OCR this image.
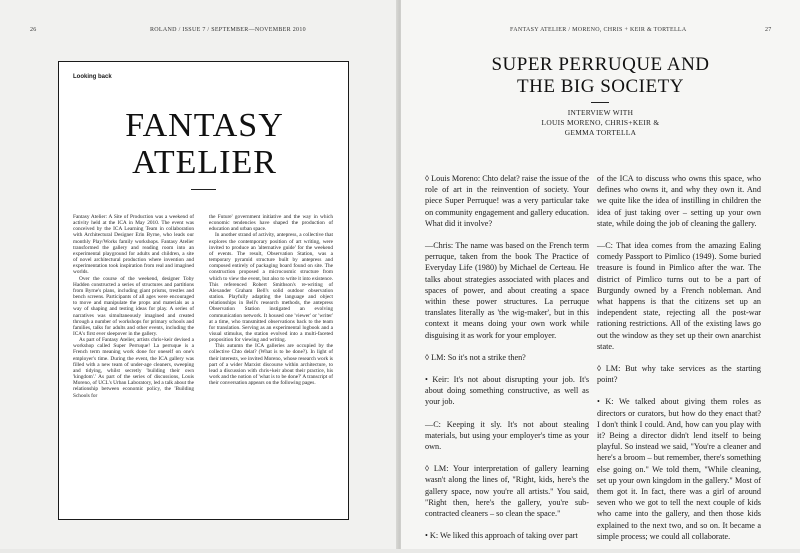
26	ROLAND / ISSUE 7 / SEPTEMBER—NOVEMBER 2010
Looking back
FANTASY
ATELIER

Fantasy Atelier: A Site of Production was a weekend of activity held at the ICA in May 2010. The event was conceived by the ICA Learning Team in collaboration with Architectural Designer Erin Byrne, who leads our monthly Play/Works family workshops. Fantasy Atelier transformed the gallery and reading room into an experimental playground for adults and children, a site of novel architectural production where invention and experimentation took inspiration from real and imagined worlds.

Over the course of the weekend, designer Toby Hadden constructed a series of structures and partitions from Byrne's plans, including giant prisms, trestles and bench screens. Participants of all ages were encouraged to move and manipulate the props and materials as a way of shaping and testing ideas for play. A series of narratives was simultaneously imagined and created through a number of workshops for primary schools and families, talks for adults and other events, including the ICA's first ever sleepover in the gallery.

As part of Fantasy Atelier, artists chris+keir devised a workshop called Super Perruque! La perruque is a French term meaning work done for oneself on one's employer's time. During the event, the ICA gallery was filled with a new team of under-age cleaners, sweeping and tidying, whilst secretly 'building their own 'kingdom'.' As part of the series of discussions, Louis Moreno, of UCL's Urban Laboratory, led a talk about the relationship between economic policy, the 'Building Schools for

the Future' government initiative and the way in which economic tendencies have shaped the production of education and urban space.

In another strand of activity, antepress, a collective that explores the contemporary position of art writing, were invited to produce an 'alternative guide' for the weekend of events. The result, Observation Station, was a temporary pyramid structure built by antepress and composed entirely of packaging board found on site. The construction proposed a microcosmic structure from which to view the event, but also to write it into existence. This referenced Robert Smithson's re-writing of Alexander Graham Bell's solid outdoor observation station. Playfully adapting the language and object relationships in Bell's research methods, the antepress Observation Station instigated an evolving communication network. It housed one 'viewer' or 'writer' at a time, who transmitted observations back to the team for translation. Serving as an experimental logbook and a visual stimulus, the station evolved into a multi-faceted proposition for viewing and writing.

This autumn the ICA galleries are occupied by the collective Chto delat? (What is to be done?). In light of their interests, we invited Moreno, whose research work is part of a wider Marxist discourse within architecture, to lead a discussion with chris+keir about their practice, his work and the notion of 'what is to be done?' A transcript of their conversation appears on the following pages.

FANTASY ATELIER / MORENO, CHRIS + KEIR & TORTELLA	27
SUPER PERRUQUE AND
THE BIG SOCIETY
INTERVIEW WITH
LOUIS MORENO, CHRIS+KEIR &
GEMMA TORTELLA

◊ Louis Moreno: Chto delat? raise the issue of the role of art in the reinvention of society. Your piece Super Perruque! was a very particular take on community engagement and gallery education. What did it involve?

—Chris: The name was based on the French term perruque, taken from the book The Practice of Everyday Life (1980) by Michael de Certeau. He talks about strategies associated with places and spaces of power, and about creating a space within these power structures. La perruque translates literally as 'the wig-maker', but in this context it means doing your own work while disguising it as work for your employer.

◊ LM: So it's not a strike then?

• Keir: It's not about disrupting your job. It's about doing something constructive, as well as your job.

—C: Keeping it sly. It's not about stealing materials, but using your employer's time as your own.

◊ LM: Your interpretation of gallery learning wasn't along the lines of, "Right, kids, here's the gallery space, now you're all artists." You said, "Right then, here's the gallery, you're sub-contracted cleaners – so clean the space."

• K: We liked this approach of taking over part

of the ICA to discuss who owns this space, who defines who owns it, and why they own it. And we quite like the idea of instilling in children the idea of just taking over – setting up your own state, while doing the job of cleaning the gallery.

—C: That idea comes from the amazing Ealing comedy Passport to Pimlico (1949). Some buried treasure is found in Pimlico after the war. The district of Pimlico turns out to be a part of Burgundy owned by a French nobleman. And what happens is that the citizens set up an independent state, rejecting all the post-war rationing restrictions. All of the existing laws go out the window as they set up their own anarchist state.

◊ LM: But why take services as the starting point?

• K: We talked about giving them roles as directors or curators, but how do they enact that? I don't think I could. And, how can you play with it? Being a director didn't lend itself to being playful. So instead we said, "You're a cleaner and here's a broom – but remember, there's something else going on." We told them, "While cleaning, set up your own kingdom in the gallery." Most of them got it. In fact, there was a girl of around seven who we got to tell the next couple of kids who came into the gallery, and then those kids explained to the next two, and so on. It became a simple process; we could all collaborate.
